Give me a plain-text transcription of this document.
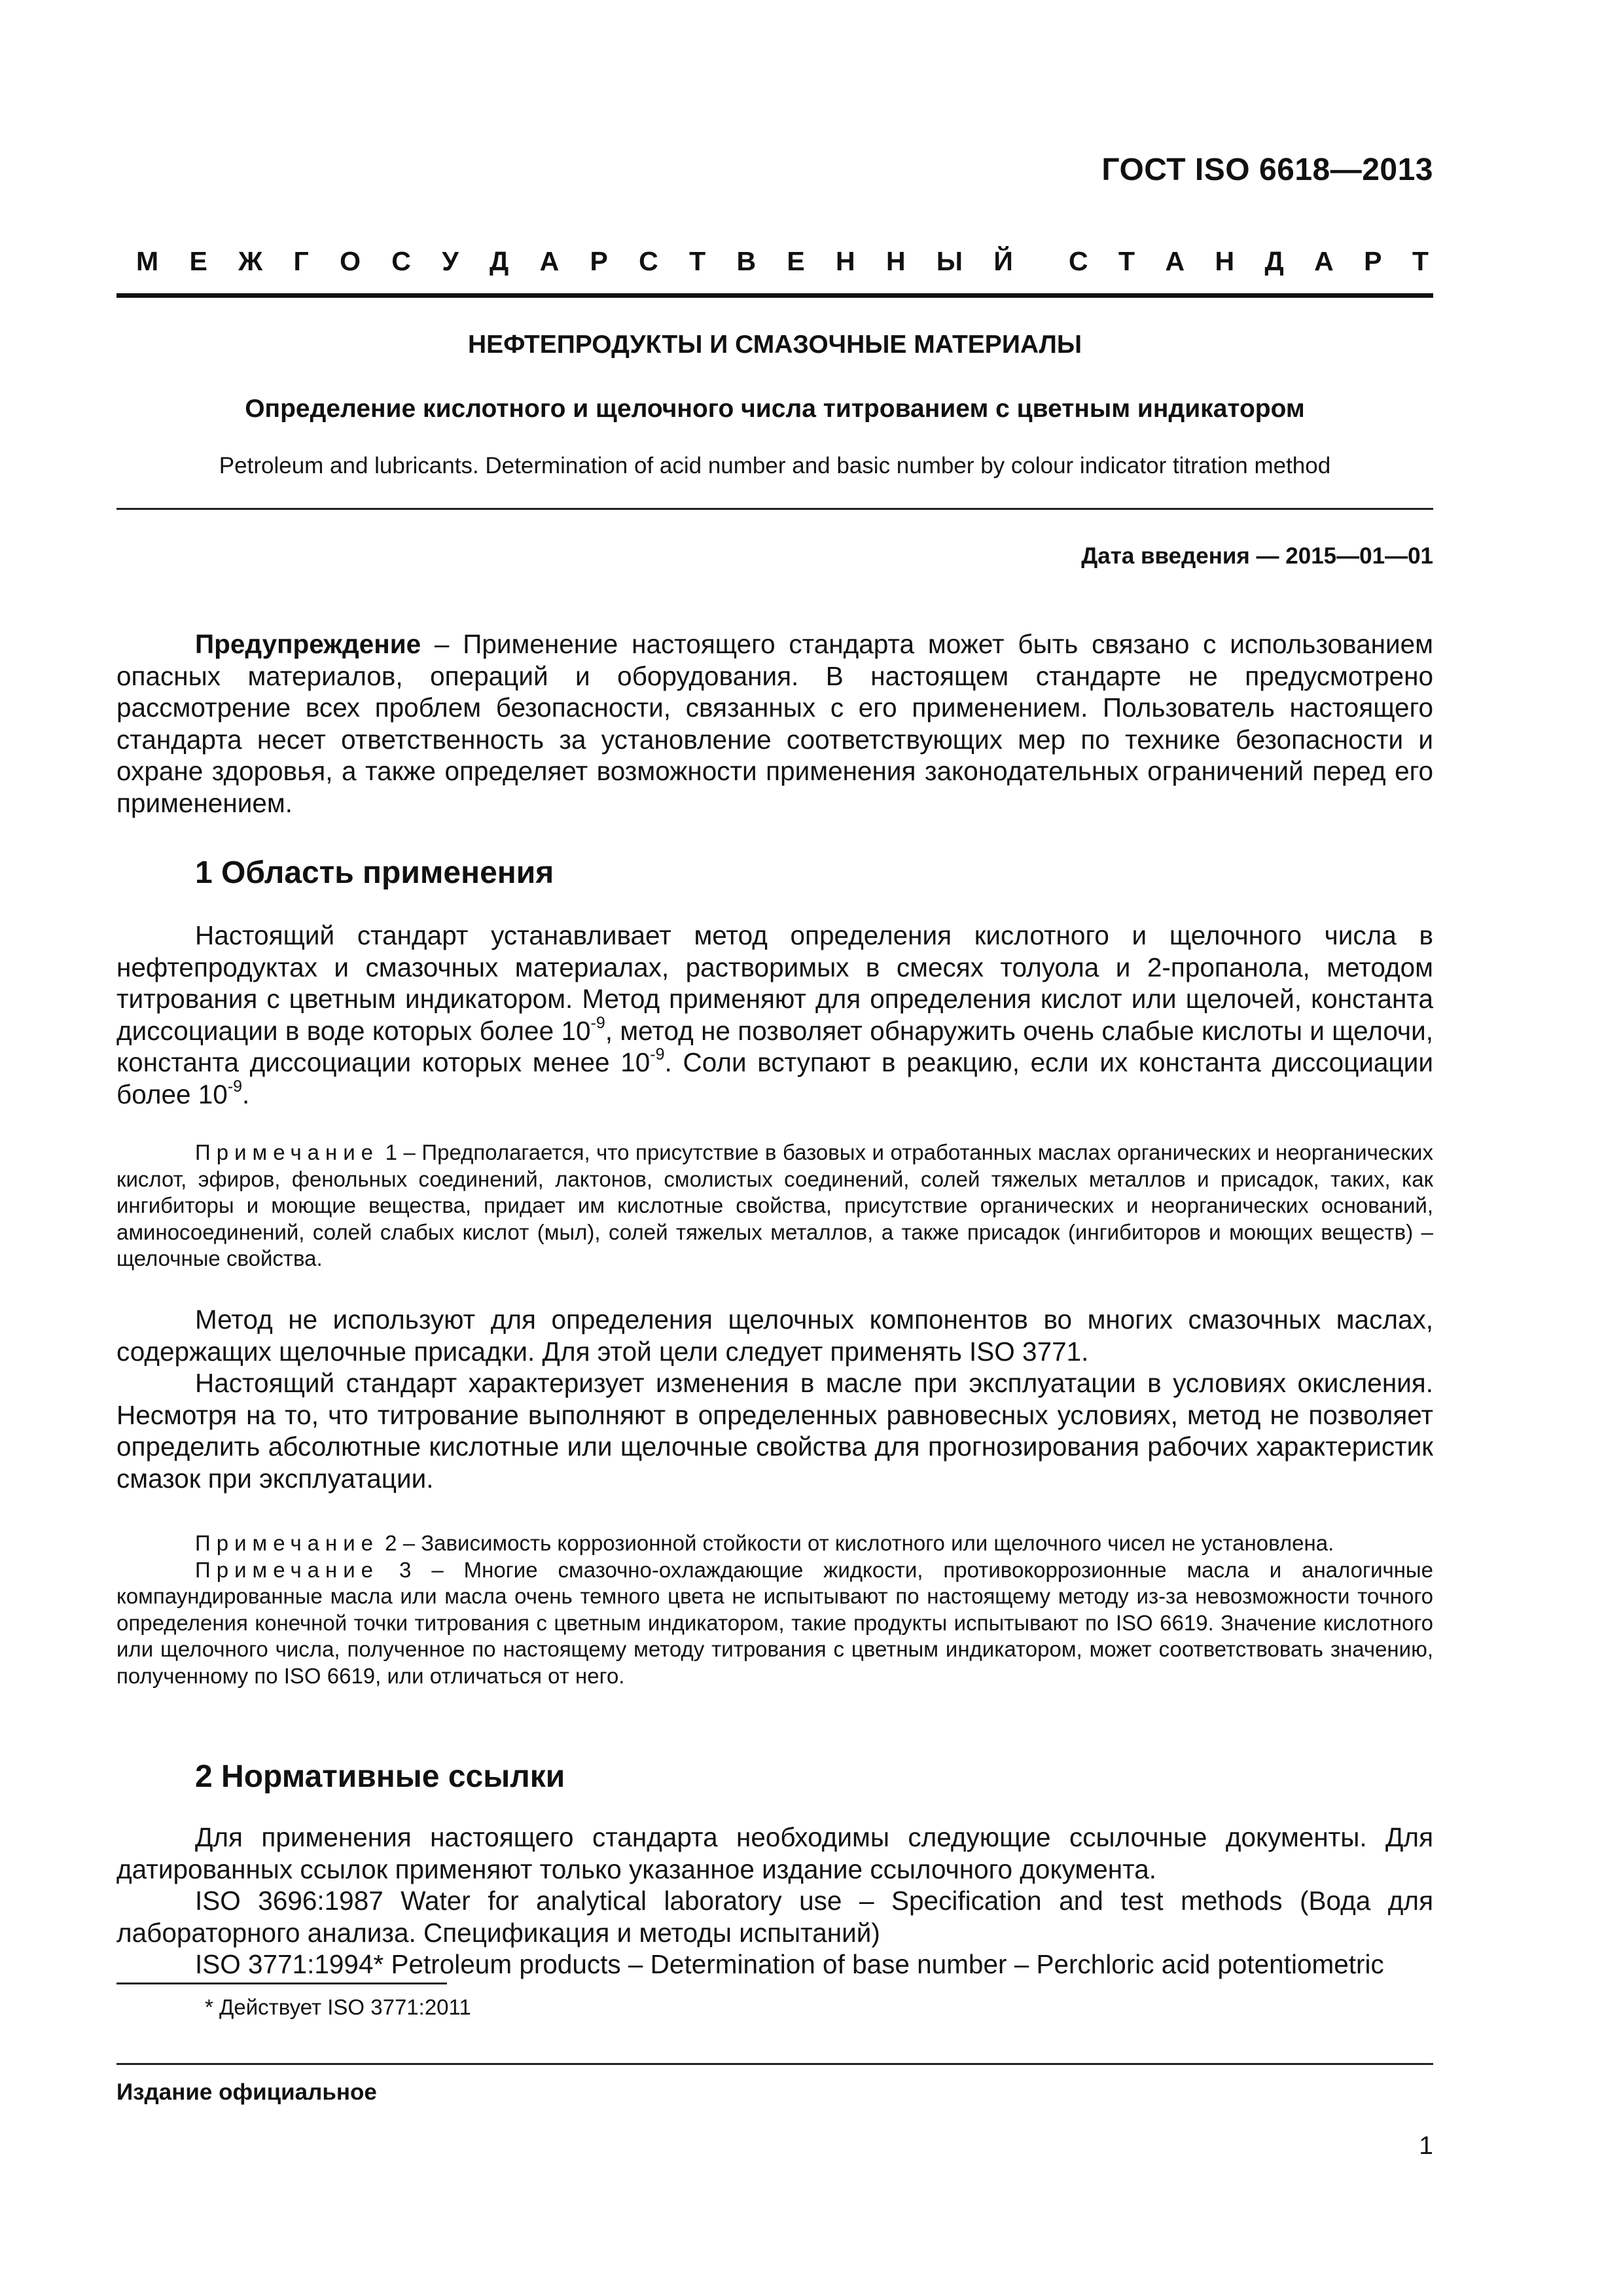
ГОСТ ISO 6618—2013
М Е Ж Г О С У Д А Р С Т В Е Н Н Ы Й С Т А Н Д А Р Т
НЕФТЕПРОДУКТЫ И СМАЗОЧНЫЕ МАТЕРИАЛЫ
Определение кислотного и щелочного числа титрованием с цветным индикатором
Petroleum and lubricants. Determination of acid number and basic number by colour indicator titration method
Дата введения — 2015—01—01

Предупреждение – Применение настоящего стандарта может быть связано с использованием опасных материалов, операций и оборудования. В настоящем стандарте не предусмотрено рассмотрение всех проблем безопасности, связанных с его применением. Пользователь настоящего стандарта несет ответственность за установление соответствующих мер по технике безопасности и охране здоровья, а также определяет возможности применения законодательных ограничений перед его применением.

1 Область применения

Настоящий стандарт устанавливает метод определения кислотного и щелочного числа в нефтепродуктах и смазочных материалах, растворимых в смесях толуола и 2-пропанола, методом титрования с цветным индикатором. Метод применяют для определения кислот или щелочей, константа диссоциации в воде которых более $10^{-9}$, метод не позволяет обнаружить очень слабые кислоты и щелочи, константа диссоциации которых менее $10^{-9}$. Соли вступают в реакцию, если их константа диссоциации более $10^{-9}$.

Примечание 1 – Предполагается, что присутствие в базовых и отработанных маслах органических и неорганических кислот, эфиров, фенольных соединений, лактонов, смолистых соединений, солей тяжелых металлов и присадок, таких, как ингибиторы и моющие вещества, придает им кислотные свойства, присутствие органических и неорганических оснований, аминосоединений, солей слабых кислот (мыл), солей тяжелых металлов, а также присадок (ингибиторов и моющих веществ) – щелочные свойства.

Метод не используют для определения щелочных компонентов во многих смазочных маслах, содержащих щелочные присадки. Для этой цели следует применять ISO 3771.

Настоящий стандарт характеризует изменения в масле при эксплуатации в условиях окисления. Несмотря на то, что титрование выполняют в определенных равновесных условиях, метод не позволяет определить абсолютные кислотные или щелочные свойства для прогнозирования рабочих характеристик смазок при эксплуатации.

Примечание 2 – Зависимость коррозионной стойкости от кислотного или щелочного чисел не установлена.

Примечание 3 – Многие смазочно-охлаждающие жидкости, противокоррозионные масла и аналогичные компаундированные масла или масла очень темного цвета не испытывают по настоящему методу из-за невозможности точного определения конечной точки титрования с цветным индикатором, такие продукты испытывают по ISO 6619. Значение кислотного или щелочного числа, полученное по настоящему методу титрования с цветным индикатором, может соответствовать значению, полученному по ISO 6619, или отличаться от него.

2 Нормативные ссылки

Для применения настоящего стандарта необходимы следующие ссылочные документы. Для датированных ссылок применяют только указанное издание ссылочного документа.

ISO 3696:1987 Water for analytical laboratory use – Specification and test methods (Вода для лабораторного анализа. Спецификация и методы испытаний)

ISO 3771:1994* Petroleum products – Determination of base number – Perchloric acid potentiometric

* Действует ISO 3771:2011
Издание официальное
1
